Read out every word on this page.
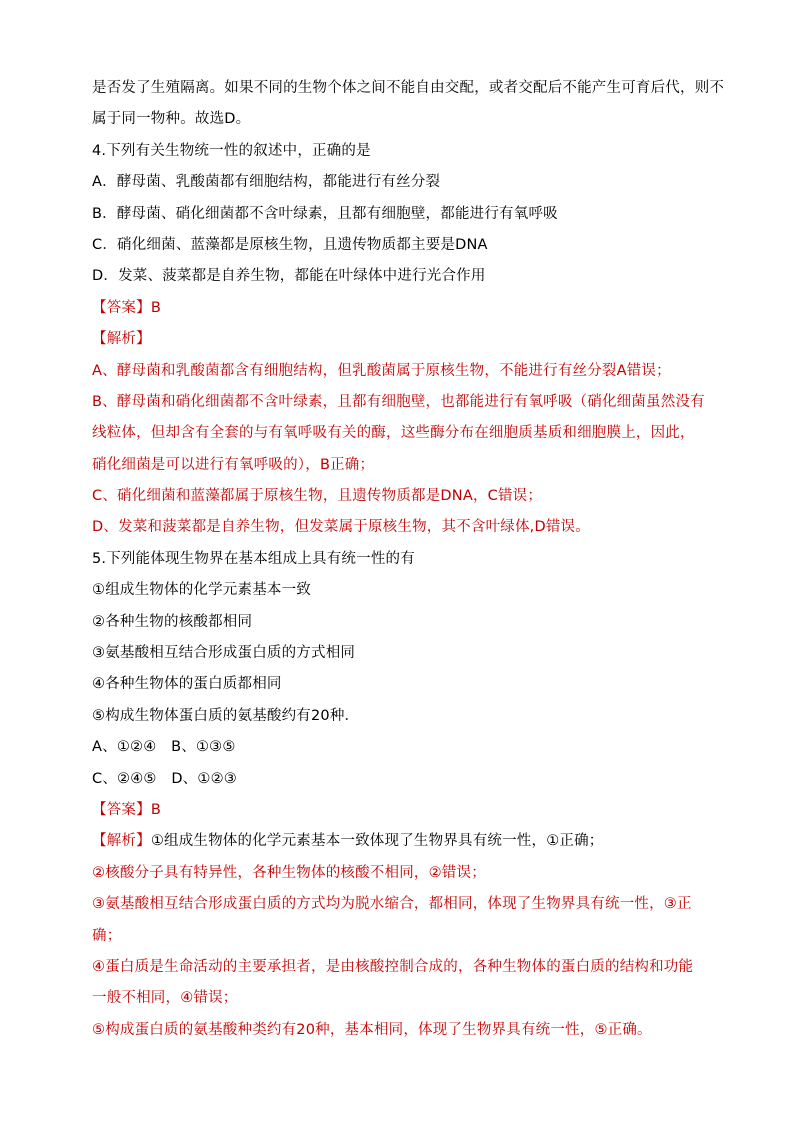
是否发了生殖隔离。如果不同的生物个体之间不能自由交配，或者交配后不能产生可育后代，则不
属于同一物种。故选D。
4.下列有关生物统一性的叙述中，正确的是
A．酵母菌、乳酸菌都有细胞结构，都能进行有丝分裂
B．酵母菌、硝化细菌都不含叶绿素，且都有细胞壁，都能进行有氧呼吸
C．硝化细菌、蓝藻都是原核生物，且遗传物质都主要是DNA
D．发菜、菠菜都是自养生物，都能在叶绿体中进行光合作用
【答案】B
【解析】
A、酵母菌和乳酸菌都含有细胞结构，但乳酸菌属于原核生物，不能进行有丝分裂A错误；
B、酵母菌和硝化细菌都不含叶绿素，且都有细胞壁，也都能进行有氧呼吸（硝化细菌虽然没有
线粒体，但却含有全套的与有氧呼吸有关的酶，这些酶分布在细胞质基质和细胞膜上，因此，
硝化细菌是可以进行有氧呼吸的），B正确；
C、硝化细菌和蓝藻都属于原核生物，且遗传物质都是DNA，C错误；
D、发菜和菠菜都是自养生物，但发菜属于原核生物，其不含叶绿体,D错误。
5.下列能体现生物界在基本组成上具有统一性的有
①组成生物体的化学元素基本一致
②各种生物的核酸都相同
③氨基酸相互结合形成蛋白质的方式相同
④各种生物体的蛋白质都相同
⑤构成生物体蛋白质的氨基酸约有20种．
A、①②④　B、①③⑤
C、②④⑤　D、①②③
【答案】B
【解析】①组成生物体的化学元素基本一致体现了生物界具有统一性，①正确；
②核酸分子具有特异性，各种生物体的核酸不相同，②错误；
③氨基酸相互结合形成蛋白质的方式均为脱水缩合，都相同，体现了生物界具有统一性，③正
确；
④蛋白质是生命活动的主要承担者，是由核酸控制合成的，各种生物体的蛋白质的结构和功能
一般不相同，④错误；
⑤构成蛋白质的氨基酸种类约有20种，基本相同，体现了生物界具有统一性，⑤正确。
